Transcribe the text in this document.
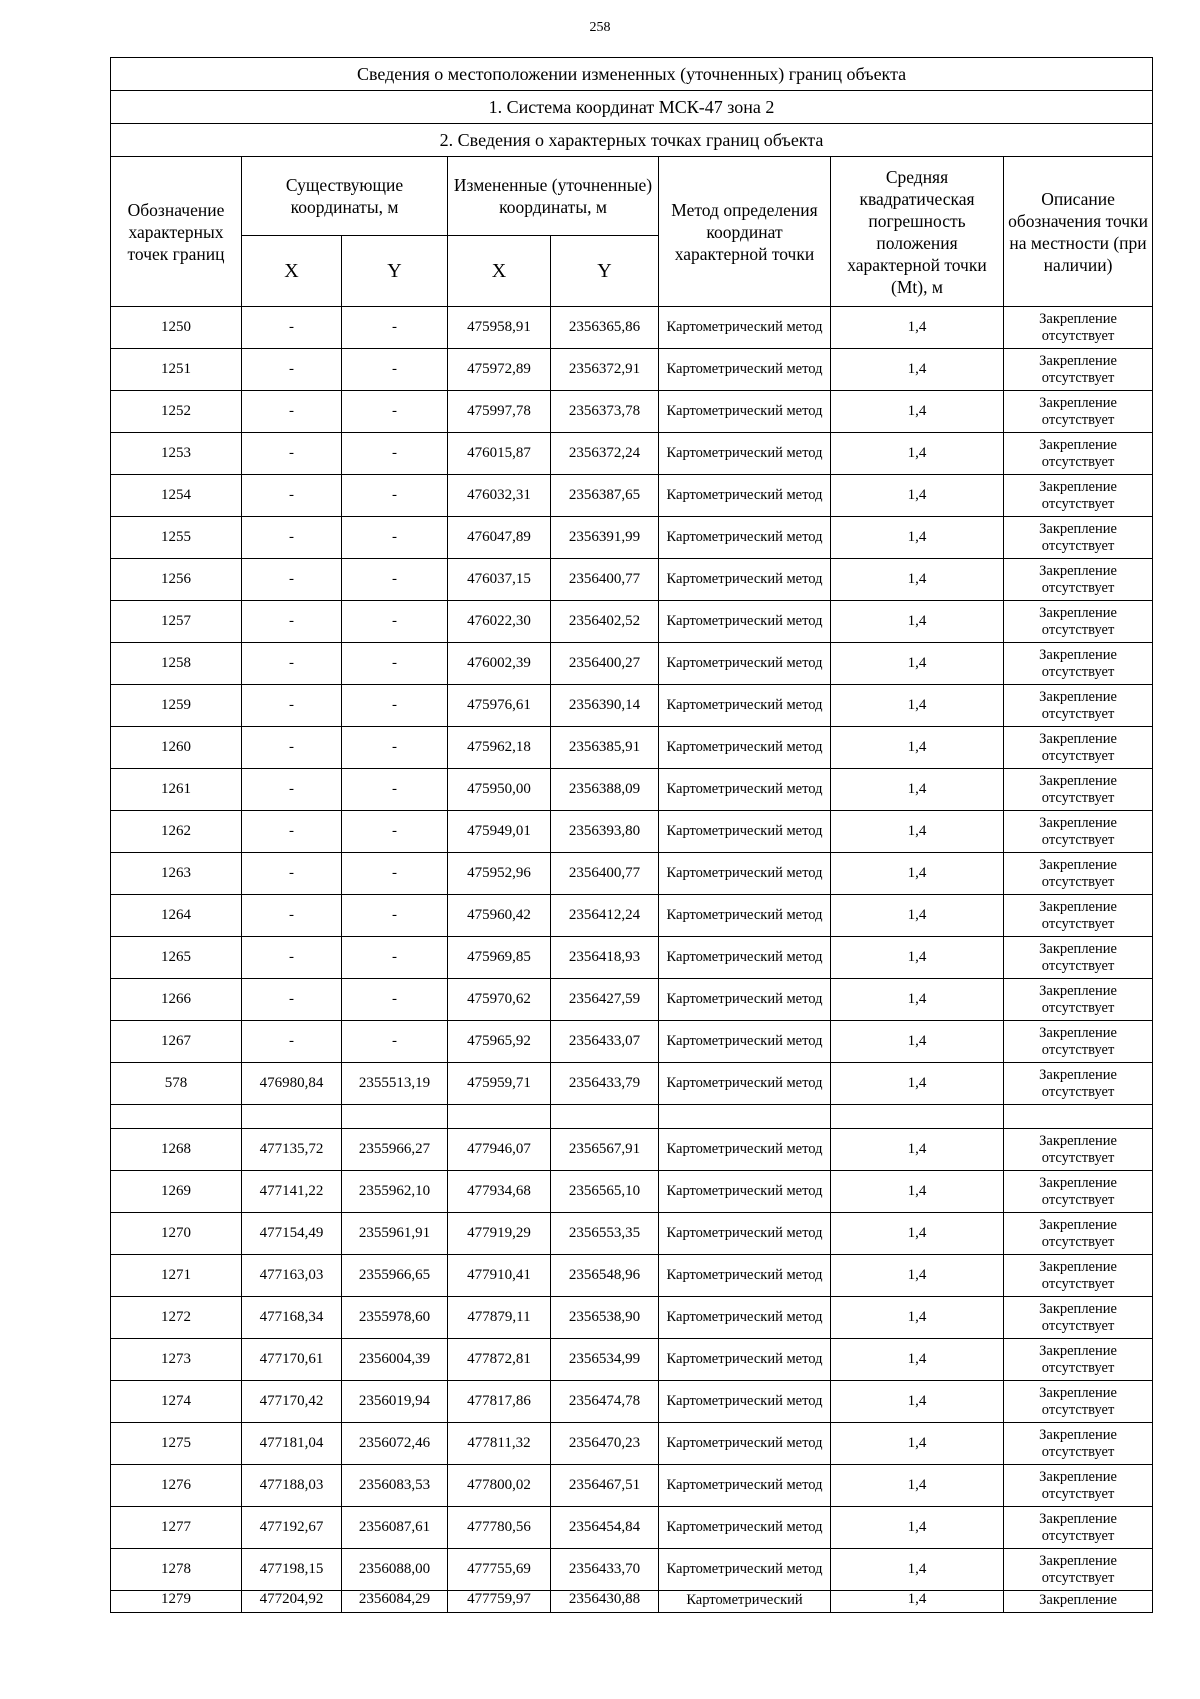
258
Сведения о местоположении измененных (уточненных) границ объекта							
1. Система координат МСК-47 зона 2							
2. Сведения о характерных точках границ объекта							
Обозначение характерных точек границ	Существующие координаты, м		Измененные (уточненные) координаты, м		Метод определения координат характерной точки	Средняя квадратическая погрешность положения характерной точки (Mt), м	Описание обозначения точки на местности (при наличии)
	X	Y	X	Y			
1250	-	-	475958,91	2356365,86	Картометрический метод	1,4	Закрепление отсутствует

1251	-	-	475972,89	2356372,91	Картометрический метод	1,4	Закрепление отсутствует

1252	-	-	475997,78	2356373,78	Картометрический метод	1,4	Закрепление отсутствует

1253	-	-	476015,87	2356372,24	Картометрический метод	1,4	Закрепление отсутствует

1254	-	-	476032,31	2356387,65	Картометрический метод	1,4	Закрепление отсутствует

1255	-	-	476047,89	2356391,99	Картометрический метод	1,4	Закрепление отсутствует

1256	-	-	476037,15	2356400,77	Картометрический метод	1,4	Закрепление отсутствует

1257	-	-	476022,30	2356402,52	Картометрический метод	1,4	Закрепление отсутствует

1258	-	-	476002,39	2356400,27	Картометрический метод	1,4	Закрепление отсутствует

1259	-	-	475976,61	2356390,14	Картометрический метод	1,4	Закрепление отсутствует

1260	-	-	475962,18	2356385,91	Картометрический метод	1,4	Закрепление отсутствует

1261	-	-	475950,00	2356388,09	Картометрический метод	1,4	Закрепление отсутствует

1262	-	-	475949,01	2356393,80	Картометрический метод	1,4	Закрепление отсутствует

1263	-	-	475952,96	2356400,77	Картометрический метод	1,4	Закрепление отсутствует

1264	-	-	475960,42	2356412,24	Картометрический метод	1,4	Закрепление отсутствует

1265	-	-	475969,85	2356418,93	Картометрический метод	1,4	Закрепление отсутствует

1266	-	-	475970,62	2356427,59	Картометрический метод	1,4	Закрепление отсутствует

1267	-	-	475965,92	2356433,07	Картометрический метод	1,4	Закрепление отсутствует

578	476980,84	2355513,19	475959,71	2356433,79	Картометрический метод	1,4	Закрепление отсутствует

1268	477135,72	2355966,27	477946,07	2356567,91	Картометрический метод	1,4	Закрепление отсутствует

1269	477141,22	2355962,10	477934,68	2356565,10	Картометрический метод	1,4	Закрепление отсутствует

1270	477154,49	2355961,91	477919,29	2356553,35	Картометрический метод	1,4	Закрепление отсутствует

1271	477163,03	2355966,65	477910,41	2356548,96	Картометрический метод	1,4	Закрепление отсутствует

1272	477168,34	2355978,60	477879,11	2356538,90	Картометрический метод	1,4	Закрепление отсутствует

1273	477170,61	2356004,39	477872,81	2356534,99	Картометрический метод	1,4	Закрепление отсутствует

1274	477170,42	2356019,94	477817,86	2356474,78	Картометрический метод	1,4	Закрепление отсутствует

1275	477181,04	2356072,46	477811,32	2356470,23	Картометрический метод	1,4	Закрепление отсутствует

1276	477188,03	2356083,53	477800,02	2356467,51	Картометрический метод	1,4	Закрепление отсутствует

1277	477192,67	2356087,61	477780,56	2356454,84	Картометрический метод	1,4	Закрепление отсутствует

1278	477198,15	2356088,00	477755,69	2356433,70	Картометрический метод	1,4	Закрепление отсутствует

1279	477204,92	2356084,29	477759,97	2356430,88	Картометрический	1,4	Закрепление
